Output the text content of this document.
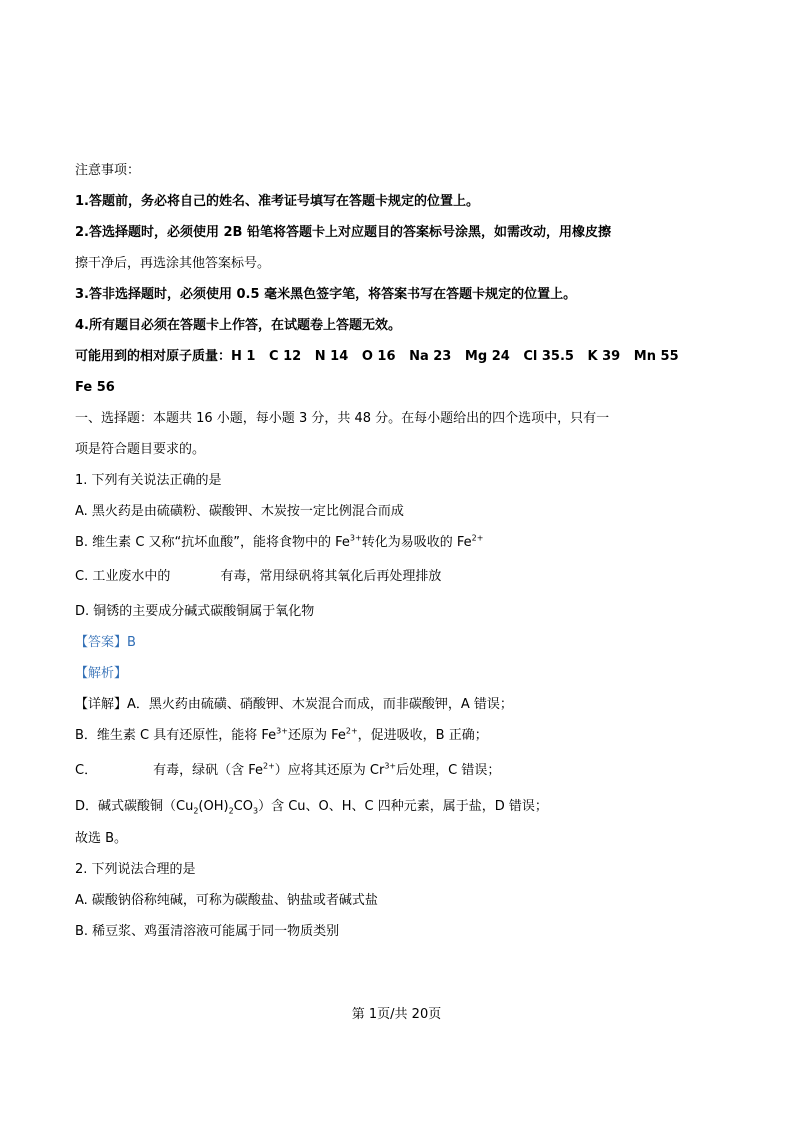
注意事项：
1.答题前，务必将自己的姓名、准考证号填写在答题卡规定的位置上。
2.答选择题时，必须使用 2B 铅笔将答题卡上对应题目的答案标号涂黑，如需改动，用橡皮擦
擦干净后，再选涂其他答案标号。
3.答非选择题时，必须使用 0.5 毫米黑色签字笔，将答案书写在答题卡规定的位置上。
4.所有题目必须在答题卡上作答，在试题卷上答题无效。
可能用到的相对原子质量：H 1   C 12   N 14   O 16   Na 23   Mg 24   Cl 35.5   K 39   Mn 55
Fe 56
一、选择题：本题共 16 小题，每小题 3 分，共 48 分。在每小题给出的四个选项中，只有一
项是符合题目要求的。
1. 下列有关说法正确的是
A. 黑火药是由硫磺粉、碳酸钾、木炭按一定比例混合而成
B. 维生素 C 又称“抗坏血酸”，能将食物中的 $Fe^{3+}$转化为易吸收的 $Fe^{2+}$
C. 工业废水中的	有毒，常用绿矾将其氧化后再处理排放
D. 铜锈的主要成分碱式碳酸铜属于氧化物
【答案】B
【解析】
【详解】A．黑火药由硫磺、硝酸钾、木炭混合而成，而非碳酸钾，A 错误；
B．维生素 C 具有还原性，能将 $Fe^{3+}$还原为 $Fe^{2+}$，促进吸收，B 正确；
C．	有毒，绿矾（含 $Fe^{2+}$）应将其还原为 $Cr^{3+}$后处理，C 错误；
D．碱式碳酸铜$(Cu_2(OH)_2CO_3)$含 Cu、O、H、C 四种元素，属于盐，D 错误；
故选 B。
2. 下列说法合理的是
A. 碳酸钠俗称纯碱，可称为碳酸盐、钠盐或者碱式盐
B. 稀豆浆、鸡蛋清溶液可能属于同一物质类别
第 1页/共 20页
